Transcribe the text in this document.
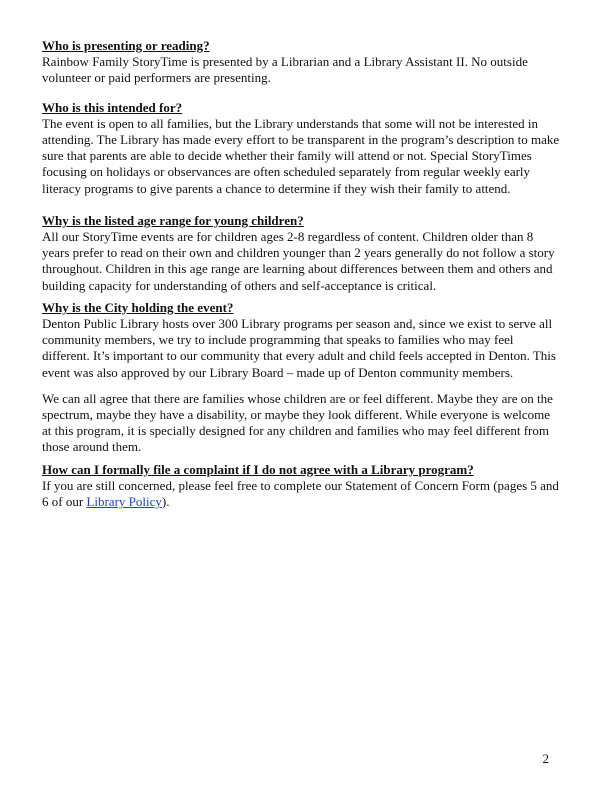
Who is presenting or reading?

Rainbow Family StoryTime is presented by a Librarian and a Library Assistant II. No outside volunteer or paid performers are presenting.

Who is this intended for?

The event is open to all families, but the Library understands that some will not be interested in attending. The Library has made every effort to be transparent in the program’s description to make sure that parents are able to decide whether their family will attend or not. Special StoryTimes focusing on holidays or observances are often scheduled separately from regular weekly early literacy programs to give parents a chance to determine if they wish their family to attend.

Why is the listed age range for young children?

All our StoryTime events are for children ages 2-8 regardless of content. Children older than 8 years prefer to read on their own and children younger than 2 years generally do not follow a story throughout. Children in this age range are learning about differences between them and others and building capacity for understanding of others and self-acceptance is critical.

Why is the City holding the event?

Denton Public Library hosts over 300 Library programs per season and, since we exist to serve all community members, we try to include programming that speaks to families who may feel different. It’s important to our community that every adult and child feels accepted in Denton. This event was also approved by our Library Board – made up of Denton community members.

We can all agree that there are families whose children are or feel different. Maybe they are on the spectrum, maybe they have a disability, or maybe they look different. While everyone is welcome at this program, it is specially designed for any children and families who may feel different from those around them.

How can I formally file a complaint if I do not agree with a Library program?

If you are still concerned, please feel free to complete our Statement of Concern Form (pages 5 and 6 of our Library Policy).

2
